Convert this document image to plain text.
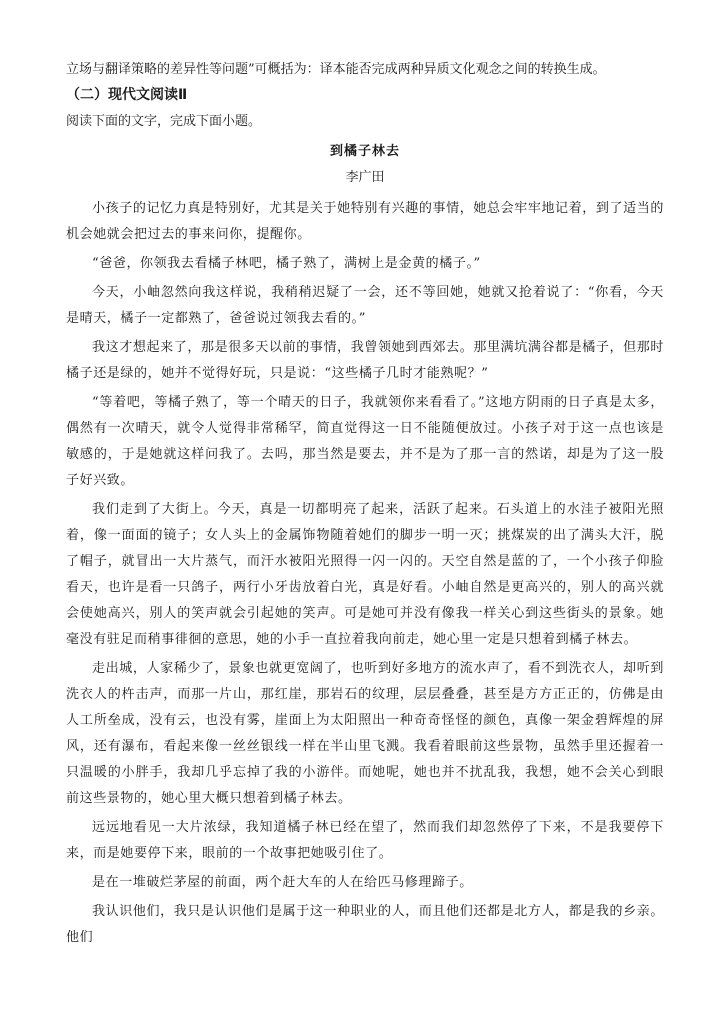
立场与翻译策略的差异性等问题”可概括为：译本能否完成两种异质文化观念之间的转换生成。

（二）现代文阅读Ⅱ

阅读下面的文字，完成下面小题。

到橘子林去
李广田

小孩子的记忆力真是特别好，尤其是关于她特别有兴趣的事情，她总会牢牢地记着，到了适当的机会她就会把过去的事来问你，提醒你。

“爸爸，你领我去看橘子林吧，橘子熟了，满树上是金黄的橘子。”

今天，小岫忽然向我这样说，我稍稍迟疑了一会，还不等回她，她就又抢着说了：“你看，今天是晴天，橘子一定都熟了，爸爸说过领我去看的。”

我这才想起来了，那是很多天以前的事情，我曾领她到西郊去。那里满坑满谷都是橘子，但那时橘子还是绿的，她并不觉得好玩，只是说：“这些橘子几时才能熟呢？”

“等着吧，等橘子熟了，等一个晴天的日子，我就领你来看看了。”这地方阴雨的日子真是太多，偶然有一次晴天，就令人觉得非常稀罕，简直觉得这一日不能随便放过。小孩子对于这一点也该是敏感的，于是她就这样问我了。去吗，那当然是要去，并不是为了那一言的然诺，却是为了这一股子好兴致。

我们走到了大街上。今天，真是一切都明亮了起来，活跃了起来。石头道上的水洼子被阳光照着，像一面面的镜子；女人头上的金属饰物随着她们的脚步一明一灭；挑煤炭的出了满头大汗，脱了帽子，就冒出一大片蒸气，而汗水被阳光照得一闪一闪的。天空自然是蓝的了，一个小孩子仰脸看天，也许是看一只鸽子，两行小牙齿放着白光，真是好看。小岫自然是更高兴的，别人的高兴就会使她高兴，别人的笑声就会引起她的笑声。可是她可并没有像我一样关心到这些街头的景象。她毫没有驻足而稍事徘徊的意思，她的小手一直拉着我向前走，她心里一定是只想着到橘子林去。

走出城，人家稀少了，景象也就更宽阔了，也听到好多地方的流水声了，看不到洗衣人，却听到洗衣人的杵击声，而那一片山，那红崖，那岩石的纹理，层层叠叠，甚至是方方正正的，仿佛是由人工所垒成，没有云，也没有雾，崖面上为太阳照出一种奇奇怪怪的颜色，真像一架金碧辉煌的屏风，还有瀑布，看起来像一丝丝银线一样在半山里飞溅。我看着眼前这些景物，虽然手里还握着一只温暖的小胖手，我却几乎忘掉了我的小游伴。而她呢，她也并不扰乱我，我想，她不会关心到眼前这些景物的，她心里大概只想着到橘子林去。

远远地看见一大片浓绿，我知道橘子林已经在望了，然而我们却忽然停了下来，不是我要停下来，而是她要停下来，眼前的一个故事把她吸引住了。

是在一堆破烂茅屋的前面，两个赶大车的人在给匹马修理蹄子。

我认识他们，我只是认识他们是属于这一种职业的人，而且他们还都是北方人，都是我的乡亲。他们
